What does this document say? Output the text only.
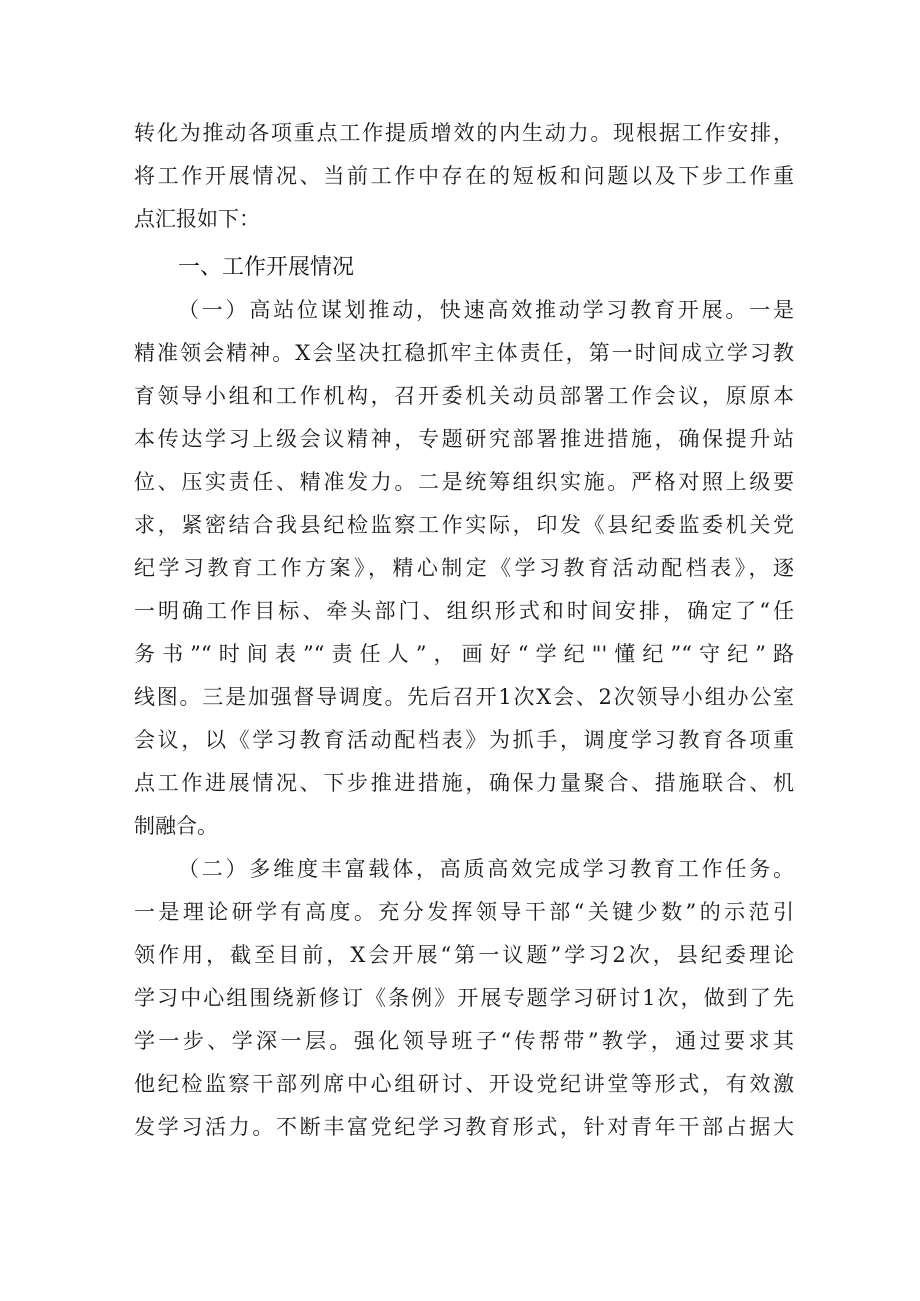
转化为推动各项重点工作提质增效的内生动力。现根据工作安排，
将工作开展情况、当前工作中存在的短板和问题以及下步工作重
点汇报如下：
一、工作开展情况
（一）高站位谋划推动，快速高效推动学习教育开展。一是
精准领会精神。X会坚决扛稳抓牢主体责任，第一时间成立学习教
育领导小组和工作机构，召开委机关动员部署工作会议，原原本
本传达学习上级会议精神，专题研究部署推进措施，确保提升站
位、压实责任、精准发力。二是统筹组织实施。严格对照上级要
求，紧密结合我县纪检监察工作实际，印发《县纪委监委机关党
纪学习教育工作方案》，精心制定《学习教育活动配档表》，逐
一明确工作目标、牵头部门、组织形式和时间安排，确定了“任
务书”“时间表”“责任人”，画好“学纪"'懂纪”“守纪”路
线图。三是加强督导调度。先后召开1次X会、2次领导小组办公室
会议，以《学习教育活动配档表》为抓手，调度学习教育各项重
点工作进展情况、下步推进措施，确保力量聚合、措施联合、机
制融合。
（二）多维度丰富载体，高质高效完成学习教育工作任务。
一是理论研学有高度。充分发挥领导干部“关键少数”的示范引
领作用，截至目前，X会开展“第一议题”学习2次，县纪委理论
学习中心组围绕新修订《条例》开展专题学习研讨1次，做到了先
学一步、学深一层。强化领导班子“传帮带”教学，通过要求其
他纪检监察干部列席中心组研讨、开设党纪讲堂等形式，有效激
发学习活力。不断丰富党纪学习教育形式，针对青年干部占据大
